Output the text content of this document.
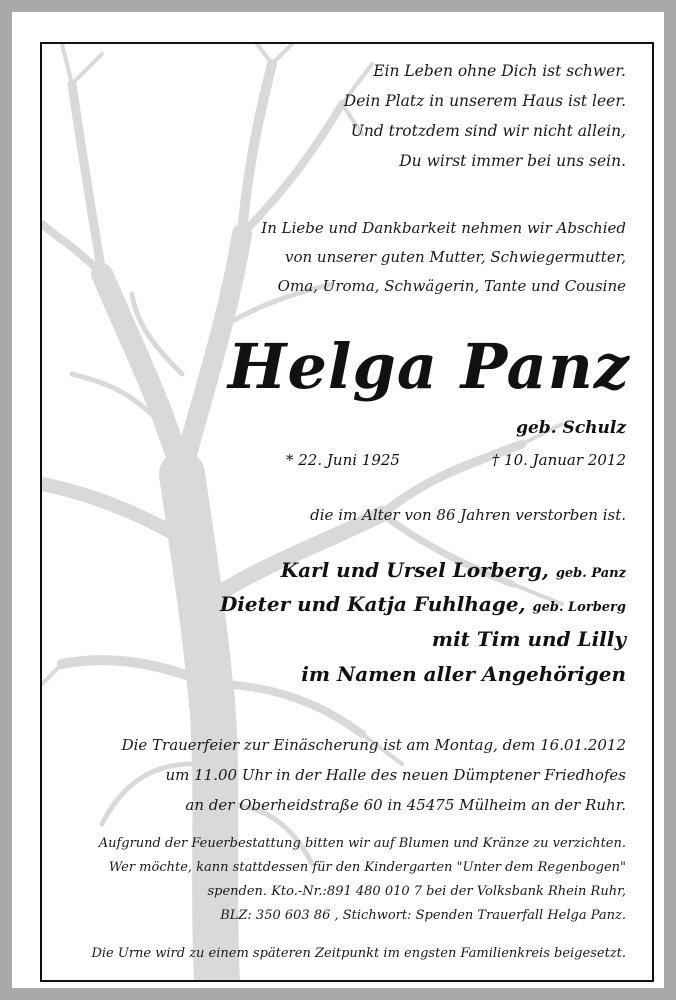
Ein Leben ohne Dich ist schwer.
Dein Platz in unserem Haus ist leer.
Und trotzdem sind wir nicht allein,
Du wirst immer bei uns sein.
In Liebe und Dankbarkeit nehmen wir Abschied
von unserer guten Mutter, Schwiegermutter,
Oma, Uroma, Schwägerin, Tante und Cousine
Helga Panz
geb. Schulz
* 22. Juni 1925	† 10. Januar 2012
die im Alter von 86 Jahren verstorben ist.
Karl und Ursel Lorberg, geb. Panz
Dieter und Katja Fuhlhage, geb. Lorberg
mit Tim und Lilly
im Namen aller Angehörigen
Die Trauerfeier zur Einäscherung ist am Montag, dem 16.01.2012
um 11.00 Uhr in der Halle des neuen Dümptener Friedhofes
an der Oberheidstraße 60 in 45475 Mülheim an der Ruhr.
Aufgrund der Feuerbestattung bitten wir auf Blumen und Kränze zu verzichten.
Wer möchte, kann stattdessen für den Kindergarten "Unter dem Regenbogen"
spenden. Kto.-Nr.:891 480 010 7 bei der Volksbank Rhein Ruhr,
BLZ: 350 603 86 , Stichwort: Spenden Trauerfall Helga Panz.
Die Urne wird zu einem späteren Zeitpunkt im engsten Familienkreis beigesetzt.
